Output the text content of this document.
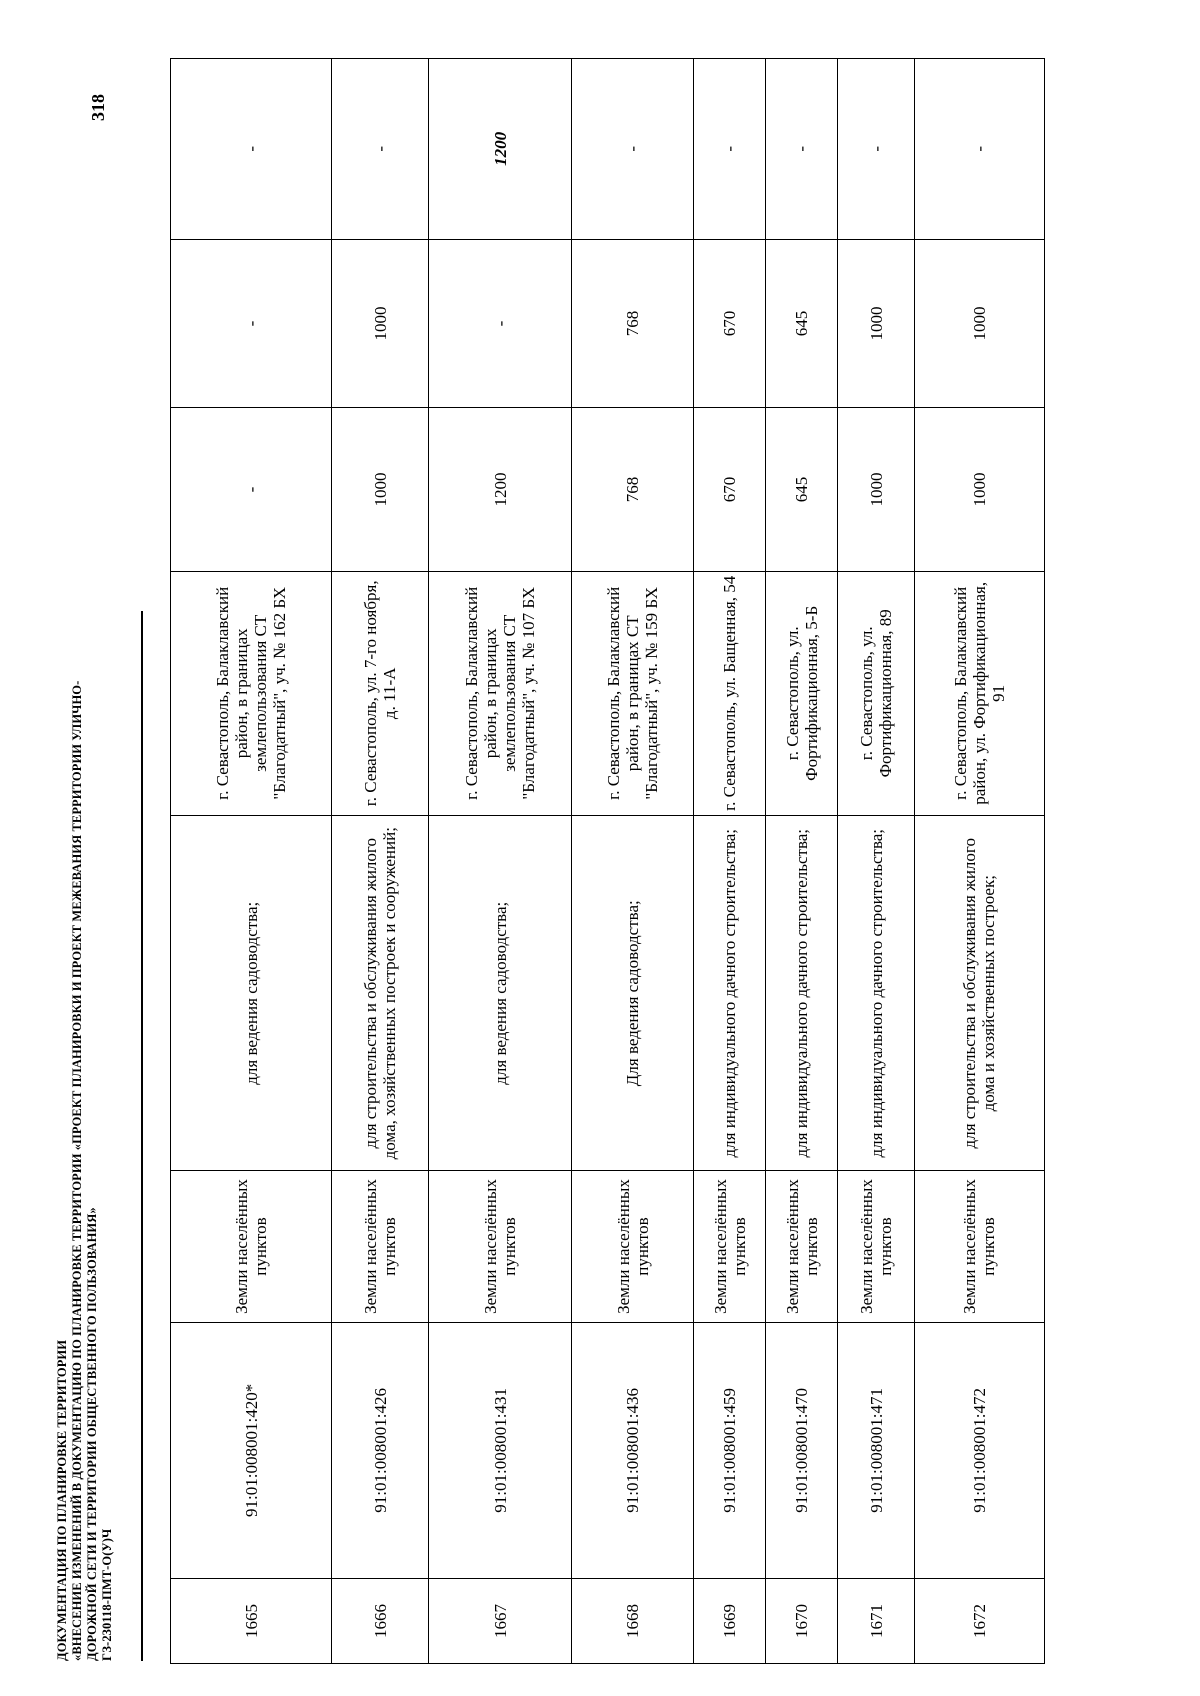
318
ДОКУМЕНТАЦИЯ ПО ПЛАНИРОВКЕ ТЕРРИТОРИИ «ВНЕСЕНИЕ ИЗМЕНЕНИЙ В ДОКУМЕНТАЦИЮ ПО ПЛАНИРОВКЕ ТЕРРИТОРИИ «ПРОЕКТ ПЛАНИРОВКИ И ПРОЕКТ МЕЖЕВАНИЯ ТЕРРИТОРИИ УЛИЧНО- ДОРОЖНОЙ СЕТИ И ТЕРРИТОРИИ ОБЩЕСТВЕННОГО ПОЛЬЗОВАНИЯ» ГЗ-230118-ПМТ-О(У)Ч	1665	91:01:008001:420*	Земли населённых пунктов	для ведения садоводства;	г. Севастополь, Балаклавский район, в границах землепользования СТ "Благодатный", уч. № 162 БХ	-	-	-
1666	91:01:008001:426	Земли населённых пунктов	для строительства и обслуживания жилого дома, хозяйственных построек и сооружений;	г. Севастополь, ул. 7-го ноября, д. 11-А	1000	1000	-
1667	91:01:008001:431	Земли населённых пунктов	для ведения садоводства;	г. Севастополь, Балаклавский район, в границах землепользования СТ "Благодатный", уч. № 107 БХ	1200	-	1200
1668	91:01:008001:436	Земли населённых пунктов	Для ведения садоводства;	г. Севастополь, Балаклавский район, в границах СТ "Благодатный", уч. № 159 БХ	768	768	-
1669	91:01:008001:459	Земли населённых пунктов	для индивидуального дачного строительства;	г. Севастополь, ул. Бащенная, 54	670	670	-
1670	91:01:008001:470	Земли населённых пунктов	для индивидуального дачного строительства;	г. Севастополь, ул. Фортификационная, 5-Б	645	645	-
1671	91:01:008001:471	Земли населённых пунктов	для индивидуального дачного строительства;	г. Севастополь, ул. Фортификационная, 89	1000	1000	-
1672	91:01:008001:472	Земли населённых пунктов	для строительства и обслуживания жилого дома и хозяйственных построек;	г. Севастополь, Балаклавский район, ул. Фортификационная, 91	1000	1000	-
